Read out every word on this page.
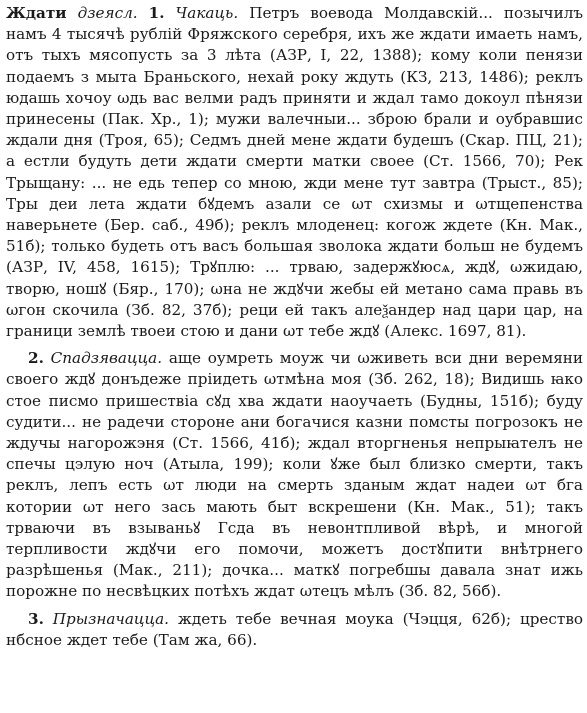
Ждати дзеясл. 1. Чакаць. Петръ воевода Молдавскій... позычилъ намъ 4 тысячѣ рублій Фряжского серебря, ихъ же ждати имаеть намъ, отъ тыхъ мясопусть за 3 лѣта (АЗР, I, 22, 1388); кому коли пенязи подаемъ з мыта Браньского, нехай року ждуть (КЗ, 213, 1486); реклъ юдашь хочоу ωдь вас велми радъ приняти и ждал тамо докоул пѣнязи принесены (Пак. Хр., 1); мужи валечныи... зброю брали и оубравшис ждали дня (Троя, 65); Седмъ дней мене ждати будешъ (Скар. ПЦ, 21); а естли будуть дети ждати смерти матки своее (Ст. 1566, 70); Рек Трыщану: ... не едь тепер со мною, жди мене тут завтра (Трыст., 85); Тры деи лета ждати бꙋдемъ азали се ωт схизмы и ωтщепенства наверьнете (Бер. саб., 49б); реклъ млоденец: когож ждете (Кн. Мак., 51б); только будеть отъ васъ большая зволока ждати больш не будемъ (АЗР, IV, 458, 1615); Трꙋплю: ... трваю, задержꙋюсѧ, ждꙋ, ωжидаю, творю, ношꙋ (Бяр., 170); ωна не ждꙋчи жебы ей метано сама правь въ ωгон скочила (Зб. 82, 37б); реци ей такъ алеѯандер над цари цар, на граници землѣ твоеи стою и дани ωт тебе ждꙋ (Алекс. 1697, 81).

2. Спадзявацца. аще оумреть моуж чи ωживеть вси дни веремяни своего ждꙋ донъдеже прiидеть ωтмѣна моя (Зб. 262, 18); Видишь ꙗко стое писмо пришествiа сꙋд хва ждати наоучаеть (Будны, 151б); буду судити... не радечи стороне ани богачися казни помсты погрозокъ не ждучы нагорожэня (Ст. 1566, 41б); ждал вторгненья непрыꙗтелъ не спечы цэлую ноч (Атыла, 199); коли ꙋже был близко смерти, такъ реклъ, лепъ есть ωт люди на смерть зданым ждат надеи ωт бга котории ωт него зась мають быт вскрешени (Кн. Мак., 51); такъ трваючи въ взываньꙋ Гсда въ невонтпливой вѣрѣ, и многой терпливости ждꙋчи его помочи, можетъ достꙋпити внѣтрнего разрѣшенья (Мак., 211); дочка... маткꙋ погребшы давала знат ижь порожне по несвѣцких потѣхъ ждат ωтецъ мѣлъ (Зб. 82, 56б).

3. Прызначацца. ждеть тебе вечная моука (Чэцця, 62б); црество нбсное ждет тебе (Там жа, 66).
